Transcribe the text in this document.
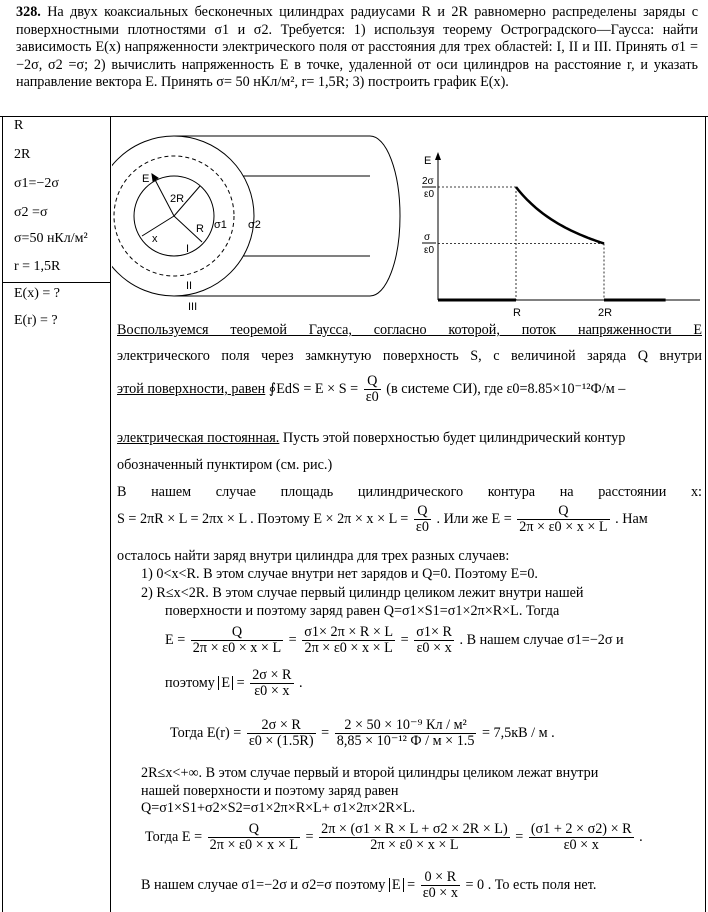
328. На двух коаксиальных бесконечных цилиндрах радиусами R и 2R равномерно распределены заряды с поверхностными плотностями σ1 и σ2. Требуется: 1) используя теорему Остроградского—Гаусса: найти зависимость E(x) напряженности электрического поля от расстояния для трех областей: I, II и III. Принять σ1 = −2σ, σ2 =σ; 2) вычислить напряженность E в точке, удаленной от оси цилиндров на расстояние r, и указать направление вектора E. Принять σ= 50 нКл/м², r= 1,5R; 3) построить график E(x).
R
2R
σ1=−2σ
σ2 =σ
σ=50 нКл/м²
r = 1,5R
E(x) = ?
E(r) = ?
E
2R
R
x
σ1 σ2
I
II
III
E
2σ
ε0
σ
ε0
R	2R
Воспользуемся теоремой Гаусса, согласно которой, поток напряженности E
электрического поля через замкнутую поверхность S, с величиной заряда Q внутри
этой поверхности, равен ∮EdS = $E \times S = \frac{Q}{\varepsilon 0} (в$ системе СИ), где ε0=8.85×10⁻¹²Ф/м –
электрическая постоянная. Пусть этой поверхностью будет цилиндрический контур
обозначенный пунктиром (см. рис.)
В нашем случае площадь цилиндрического контура на расстоянии x:
S = 2πR × L = 2πx × L . Поэтому $E \times 2\pi \times x \times L = \frac{Q}{\varepsilon 0}$ . Или же $E = \frac{Q}{2\pi \times \varepsilon 0 \times x \times L}$ . Нам
осталось найти заряд внутри цилиндра для трех разных случаев:
1) 0<x<R. В этом случае внутри нет зарядов и Q=0. Поэтому E=0.
2) R≤x<2R. В этом случае первый цилиндр целиком лежит внутри нашей
поверхности и поэтому заряд равен Q=σ1×S1=σ1×2π×R×L. Тогда
$E = \frac{Q}{2\pi \times \varepsilon 0 \times x \times L} = \frac{\sigma 1\times 2\pi \times R \times L}{2\pi \times \varepsilon 0 \times x \times L} = \frac{\sigma 1\times R}{\varepsilon 0 \times x}$ . В нашем случае σ1=−2σ и
поэтому $E = \frac{2\sigma \times R}{\varepsilon 0 \times x}$ .
Тогда $E(r) = \frac{2\sigma \times R}{\varepsilon 0 \times (1.5R)} = \frac{\text{2 × 50 × 10⁻⁹ Кл / м²}}{\text{8,85 × 10⁻¹² Ф / м × 1.5}} = 7,5кВ / м$ .
2R≤x<+∞. В этом случае первый и второй цилиндры целиком лежат внутри
нашей поверхности и поэтому заряд равен
Q=σ1×S1+σ2×S2=σ1×2π×R×L+ σ1×2π×2R×L.
Тогда $E = \frac{Q}{2\pi \times \varepsilon 0 \times x \times L} = \frac{2\pi \times (\sigma 1 \times R \times L + \sigma 2 \times 2R \times L)}{2\pi \times \varepsilon 0 \times x \times L} = \frac{(\sigma 1 + 2 \times \sigma 2) \times R}{\varepsilon 0 \times x}$ .
В нашем случае σ1=−2σ и σ2=σ поэтому $E = \frac{0 \times R}{\varepsilon 0 \times x} = 0$ . То есть поля нет.
